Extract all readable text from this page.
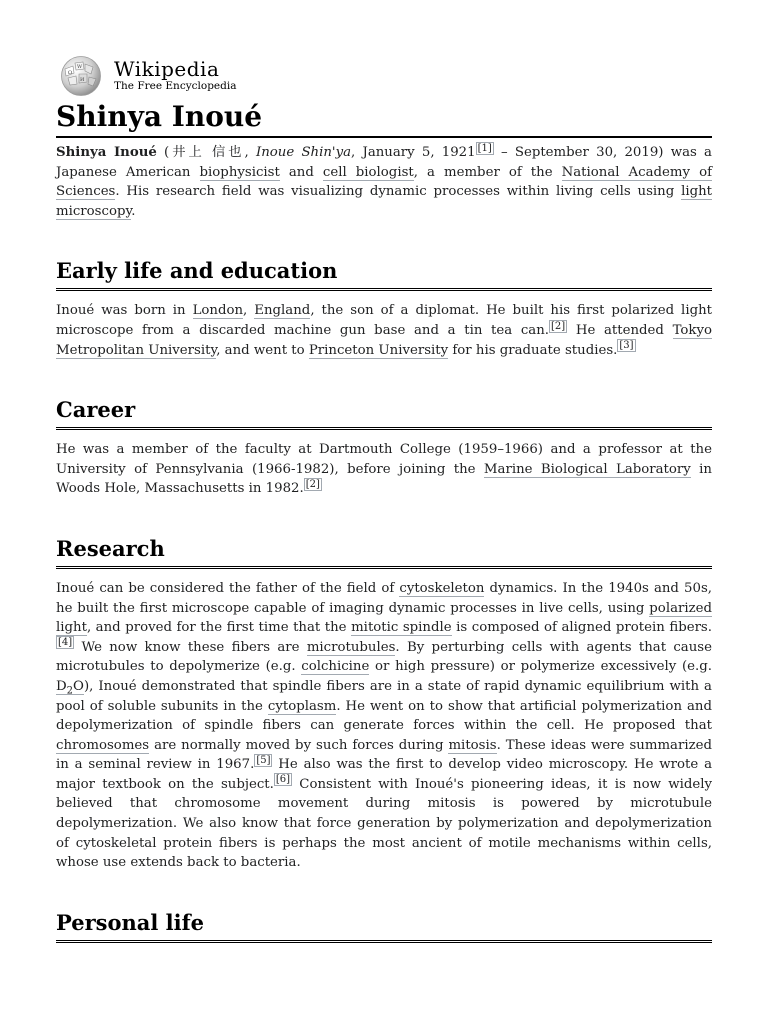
Ω
W
И Wikipedia
The Free Encyclopedia
Shinya Inoué

Shinya Inoué (井上 信也, Inoue Shin'ya, January 5, 1921 [1] – September 30, 2019) was a Japanese American biophysicist and cell biologist, a member of the National Academy of Sciences. His research field was visualizing dynamic processes within living cells using light microscopy.

Early life and education

Inoué was born in London, England, the son of a diplomat. He built his first polarized light microscope from a discarded machine gun base and a tin tea can. [2] He attended Tokyo Metropolitan University, and went to Princeton University for his graduate studies. [3]

Career

He was a member of the faculty at Dartmouth College (1959–1966) and a professor at the University of Pennsylvania (1966-1982), before joining the Marine Biological Laboratory in Woods Hole, Massachusetts in 1982. [2]

Research

Inoué can be considered the father of the field of cytoskeleton dynamics. In the 1940s and 50s, he built the first microscope capable of imaging dynamic processes in live cells, using polarized light, and proved for the first time that the mitotic spindle is composed of aligned protein fibers.[4] We now know these fibers are microtubules. By perturbing cells with agents that cause microtubules to depolymerize (e.g. colchicine or high pressure) or polymerize excessively (e.g. $D_2O$), Inoué demonstrated that spindle fibers are in a state of rapid dynamic equilibrium with a pool of soluble subunits in the cytoplasm. He went on to show that artificial polymerization and depolymerization of spindle fibers can generate forces within the cell. He proposed that chromosomes are normally moved by such forces during mitosis. These ideas were summarized in a seminal review in 1967. [5] He also was the first to develop video microscopy. He wrote a major textbook on the subject. [6] Consistent with Inoué's pioneering ideas, it is now widely believed that chromosome movement during mitosis is powered by microtubule depolymerization. We also know that force generation by polymerization and depolymerization of cytoskeletal protein fibers is perhaps the most ancient of motile mechanisms within cells, whose use extends back to bacteria.

Personal life
